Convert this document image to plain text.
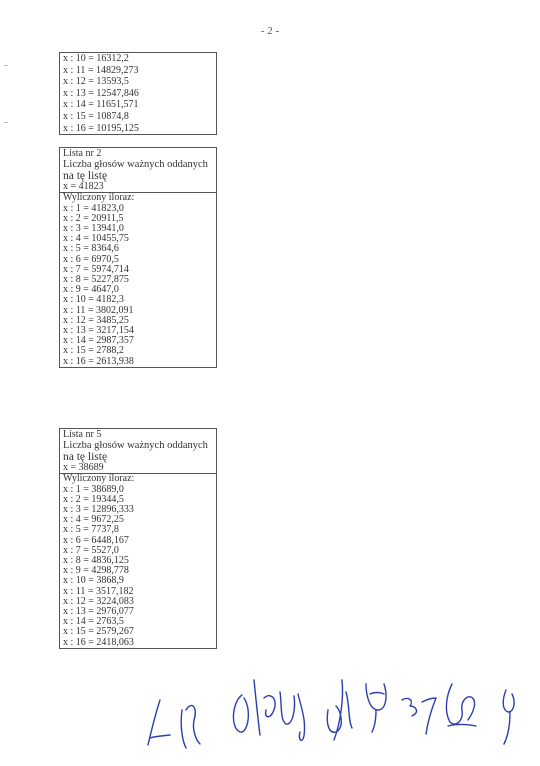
- 2 -
x : 10 = 16312,2
x : 11 = 14829,273
x : 12 = 13593,5
x : 13 = 12547,846
x : 14 = 11651,571
x : 15 = 10874,8
x : 16 = 10195,125
Lista nr 2
Liczba głosów ważnych oddanych
na tę listę
x = 41823
Wyliczony iloraz:
x : 1 = 41823,0
x : 2 = 20911,5
x : 3 = 13941,0
x : 4 = 10455,75
x : 5 = 8364,6
x : 6 = 6970,5
x : 7 = 5974,714
x : 8 = 5227,875
x : 9 = 4647,0
x : 10 = 4182,3
x : 11 = 3802,091
x : 12 = 3485,25
x : 13 = 3217,154
x : 14 = 2987,357
x : 15 = 2788,2
x : 16 = 2613,938
Lista nr 5
Liczba głosów ważnych oddanych
na tę listę
x = 38689
Wyliczony iloraz:
x : 1 = 38689,0
x : 2 = 19344,5
x : 3 = 12896,333
x : 4 = 9672,25
x : 5 = 7737,8
x : 6 = 6448,167
x : 7 = 5527,0
x : 8 = 4836,125
x : 9 = 4298,778
x : 10 = 3868,9
x : 11 = 3517,182
x : 12 = 3224,083
x : 13 = 2976,077
x : 14 = 2763,5
x : 15 = 2579,267
x : 16 = 2418,063
